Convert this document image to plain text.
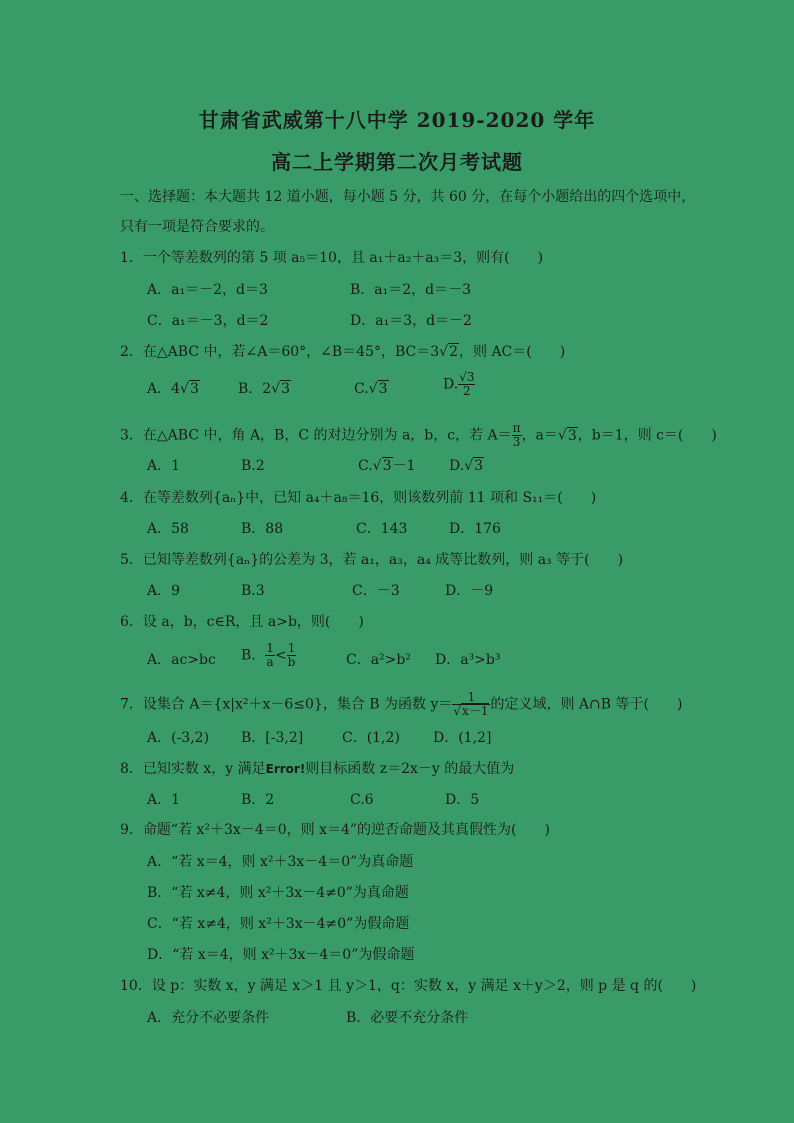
甘肃省武威第十八中学 2019-2020 学年
高二上学期第二次月考试题
一、选择题：本大题共 12 道小题，每小题 5 分，共 60 分，在每个小题给出的四个选项中，
只有一项是符合要求的。
1．一个等差数列的第 5 项 a₅＝10，且 a₁＋a₂＋a₃＝3，则有(　　)
A．a₁＝－2，d＝3	B．a₁＝2，d＝－3
C．a₁＝－3，d＝2	D．a₁＝3，d＝－2
2．在△ABC 中，若∠A＝60°，∠B＝45°，BC＝3√2，则 AC＝(　　)
A．4√3	B．2√3	C.√3	D. $\frac{√3}{2}$
3．在△ABC 中，角 A，B，C 的对边分别为 a，b，c，若 $A= \frac{\pi}{3}$ ，a＝√3，b＝1，则 c＝(　　)
A．1	B.2	C.√3－1 D.√3
4．在等差数列{aₙ}中，已知 a₄＋a₈＝16，则该数列前 11 项和 S₁₁＝(　　)
A．58	B．88	C．143	D．176
5．已知等差数列{aₙ}的公差为 3，若 a₁，a₃，a₄ 成等比数列，则 a₃ 等于(　　)
A．9	B.3	C．－3	D．－9
6．设 a，b，c∈R，且 a>b，则(　　)
A．ac>bc B． $\frac{1}{a} < \frac{1}{b}$	C．a²>b² D．a³>b³
7．设集合 A＝{x|x²＋x－6≤0}，集合 B 为函数 $y= \frac{1}{√x-1}$ 的定义域，则 A∩B 等于(　　)
A．(-3,2) B．[-3,2]	C．(1,2) D．(1,2]
8．已知实数 x，y 满足Error!则目标函数 z＝2x－y 的最大值为
A．1	B．2	C.6	D．5
9．命题“若 x²＋3x－4＝0，则 x＝4”的逆否命题及其真假性为(　　)
A．“若 x＝4，则 x²＋3x－4＝0”为真命题
B．“若 x≠4，则 x²＋3x－4≠0”为真命题
C．“若 x≠4，则 x²＋3x－4≠0”为假命题
D．“若 x＝4，则 x²＋3x－4＝0”为假命题
10．设 p：实数 x，y 满足 x＞1 且 y＞1，q：实数 x，y 满足 x＋y＞2，则 p 是 q 的(　　)
A．充分不必要条件	B．必要不充分条件
